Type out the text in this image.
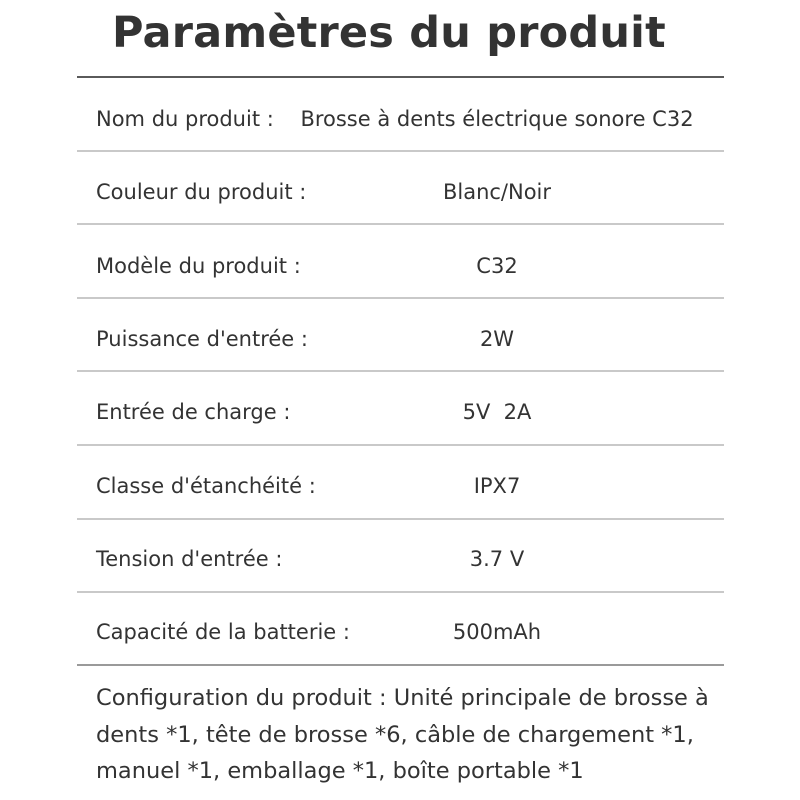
Paramètres du produit
Nom du produit : Brosse à dents électrique sonore C32
Couleur du produit :	Blanc/Noir
Modèle du produit :	C32
Puissance d'entrée :	2W
Entrée de charge :	5V  2A
Classe d'étanchéité :	IPX7
Tension d'entrée :	3.7 V
Capacité de la batterie :	500mAh

Configuration du produit : Unité principale de brosse à dents *1, tête de brosse *6, câble de chargement *1, manuel *1, emballage *1, boîte portable *1
